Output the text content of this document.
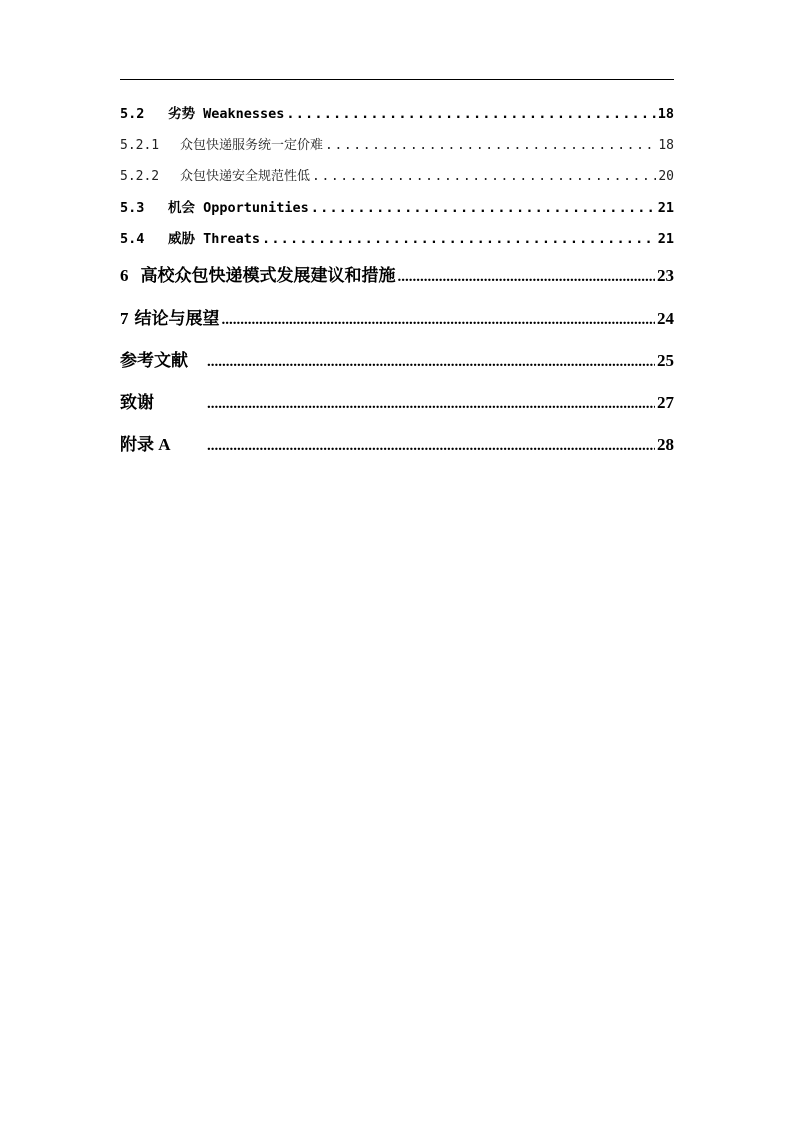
5.2	劣势 Weaknesses .....	18
5.2.1	众包快递服务统一定价难 .....	18
5.2.2	众包快递安全规范性低 .....	20
5.3	机会 Opportunities .....	21
5.4	威胁 Threats .....	21
6 高校众包快递模式发展建议和措施 .....	23
7 结论与展望 .....	24
参考文献 .....	25
致谢 .....	27
附录 A .....	28
